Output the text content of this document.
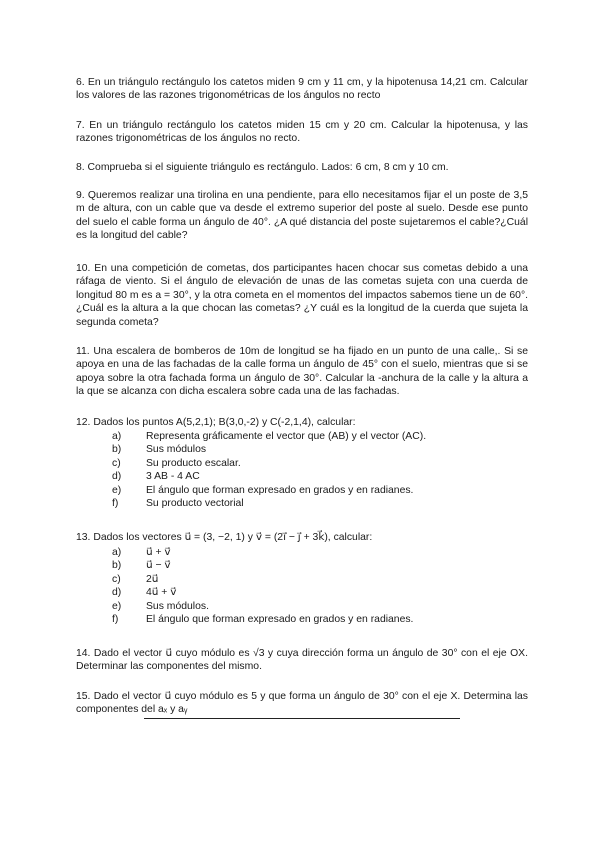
6. En un triángulo rectángulo los catetos miden 9 cm y 11 cm, y la hipotenusa 14,21 cm. Calcular los valores de las razones trigonométricas de los ángulos no recto

7. En un triángulo rectángulo los catetos miden 15 cm y 20 cm. Calcular la hipotenusa, y las razones trigonométricas de los ángulos no recto.

8. Comprueba si el siguiente triángulo es rectángulo. Lados: 6 cm, 8 cm y 10 cm.

9. Queremos realizar una tirolina en una pendiente, para ello necesitamos fijar el un poste de 3,5 m de altura, con un cable que va desde el extremo superior del poste al suelo. Desde ese punto del suelo el cable forma un ángulo de 40°. ¿A qué distancia del poste sujetaremos el cable?¿Cuál es la longitud del cable?

10. En una competición de cometas, dos participantes hacen chocar sus cometas debido a una ráfaga de viento. Si el ángulo de elevación de unas de las cometas sujeta con una cuerda de longitud 80 m es a = 30°, y la otra cometa en el momentos del impactos sabemos tiene un de 60°. ¿Cuál es la altura a la que chocan las cometas? ¿Y cuál es la longitud de la cuerda que sujeta la segunda cometa?

11. Una escalera de bomberos de 10m de longitud se ha fijado en un punto de una calle,. Si se apoya en una de las fachadas de la calle forma un ángulo de 45° con el suelo, mientras que si se apoya sobre la otra fachada forma un ángulo de 30°. Calcular la -anchura de la calle y la altura a la que se alcanza con dicha escalera sobre cada una de las fachadas.

12. Dados los puntos A(5,2,1); B(3,0,-2) y C(-2,1,4), calcular:

a)	Representa gráficamente el vector que (AB) y el vector (AC).
b)	Sus módulos
c)	Su producto escalar.
d)	3 AB - 4 AC
e)	El ángulo que forman expresado en grados y en radianes.
f)	Su producto vectorial

13. Dados los vectores u⃗ = (3, −2, 1) y v⃗ = (2i⃗ − j⃗ + 3k⃗), calcular:

a)	u⃗ + v⃗
b)	u⃗ − v⃗
c)	2u⃗
d)	4u⃗ + v⃗
e)	Sus módulos.
f)	El ángulo que forman expresado en grados y en radianes.

14. Dado el vector u⃗ cuyo módulo es √3 y cuya dirección forma un ángulo de 30° con el eje OX. Determinar las componentes del mismo.

15. Dado el vector u⃗ cuyo módulo es 5 y que forma un ángulo de 30° con el eje X. Determina las componentes del aₓ y aᵧ
